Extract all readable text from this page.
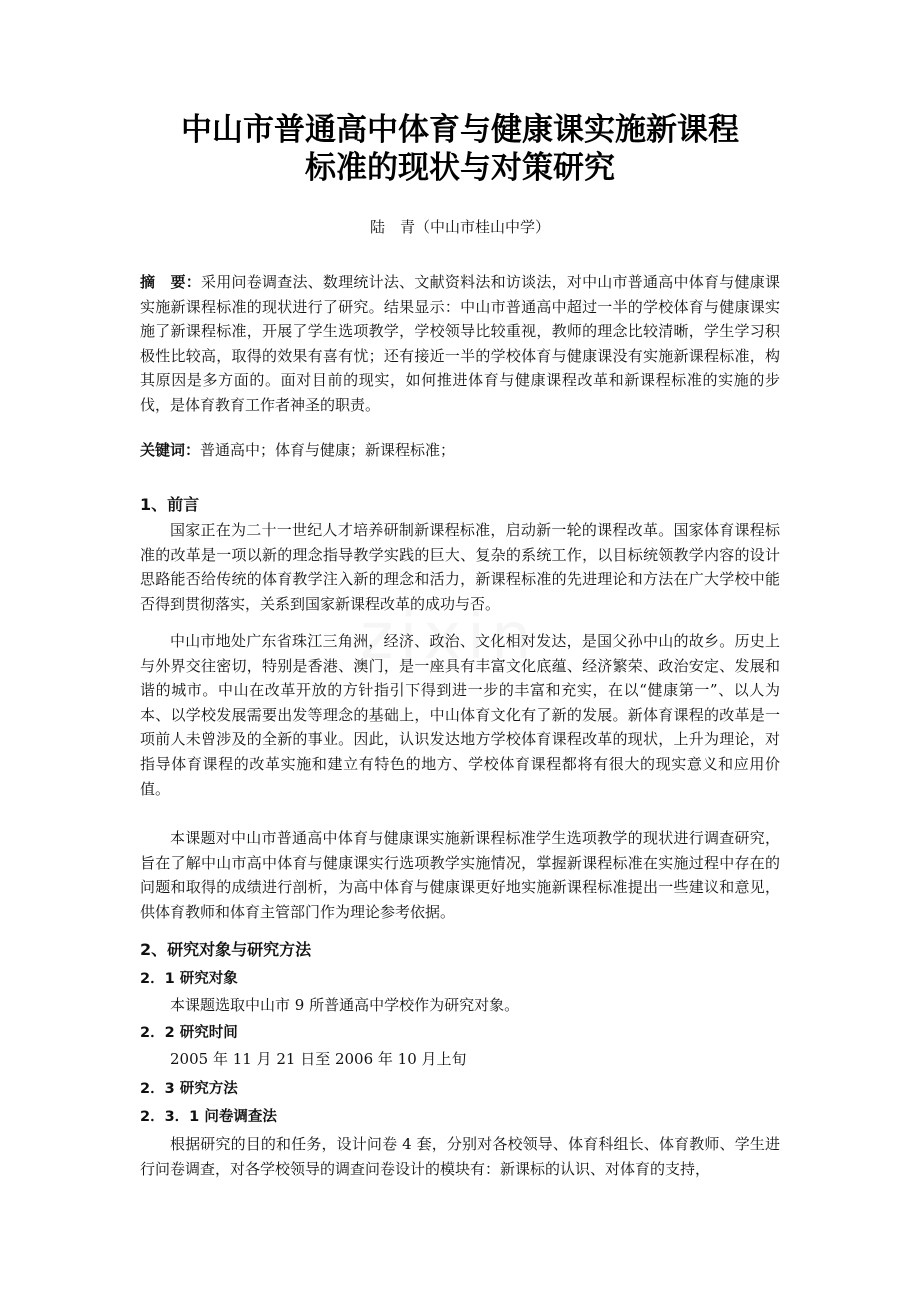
中山市普通高中体育与健康课实施新课程
标准的现状与对策研究
陆　青（中山市桂山中学）

摘　要：采用问卷调查法、数理统计法、文献资料法和访谈法，对中山市普通高中体育与健康课实施新课程标准的现状进行了研究。结果显示：中山市普通高中超过一半的学校体育与健康课实施了新课程标准，开展了学生选项教学，学校领导比较重视，教师的理念比较清晰，学生学习积极性比较高，取得的效果有喜有忧；还有接近一半的学校体育与健康课没有实施新课程标准，构其原因是多方面的。面对目前的现实，如何推进体育与健康课程改革和新课程标准的实施的步伐，是体育教育工作者神圣的职责。

关键词：普通高中；体育与健康；新课程标准；

1、前言

国家正在为二十一世纪人才培养研制新课程标准，启动新一轮的课程改革。国家体育课程标准的改革是一项以新的理念指导教学实践的巨大、复杂的系统工作，以目标统领教学内容的设计思路能否给传统的体育教学注入新的理念和活力，新课程标准的先进理论和方法在广大学校中能否得到贯彻落实，关系到国家新课程改革的成功与否。

中山市地处广东省珠江三角洲，经济、政治、文化相对发达，是国父孙中山的故乡。历史上与外界交往密切，特别是香港、澳门，是一座具有丰富文化底蕴、经济繁荣、政治安定、发展和谐的城市。中山在改革开放的方针指引下得到进一步的丰富和充实，在以“健康第一”、以人为本、以学校发展需要出发等理念的基础上，中山体育文化有了新的发展。新体育课程的改革是一项前人未曾涉及的全新的事业。因此，认识发达地方学校体育课程改革的现状，上升为理论，对指导体育课程的改革实施和建立有特色的地方、学校体育课程都将有很大的现实意义和应用价值。

本课题对中山市普通高中体育与健康课实施新课程标准学生选项教学的现状进行调查研究，旨在了解中山市高中体育与健康课实行选项教学实施情况，掌握新课程标准在实施过程中存在的问题和取得的成绩进行剖析，为高中体育与健康课更好地实施新课程标准提出一些建议和意见，供体育教师和体育主管部门作为理论参考依据。

2、研究对象与研究方法
2．1 研究对象

本课题选取中山市 9 所普通高中学校作为研究对象。

2．2 研究时间

2005 年 11 月 21 日至 2006 年 10 月上旬

2．3 研究方法
2．3．1 问卷调查法

根据研究的目的和任务，设计问卷 4 套，分别对各校领导、体育科组长、体育教师、学生进行问卷调查，对各学校领导的调查问卷设计的模块有：新课标的认识、对体育的支持，
